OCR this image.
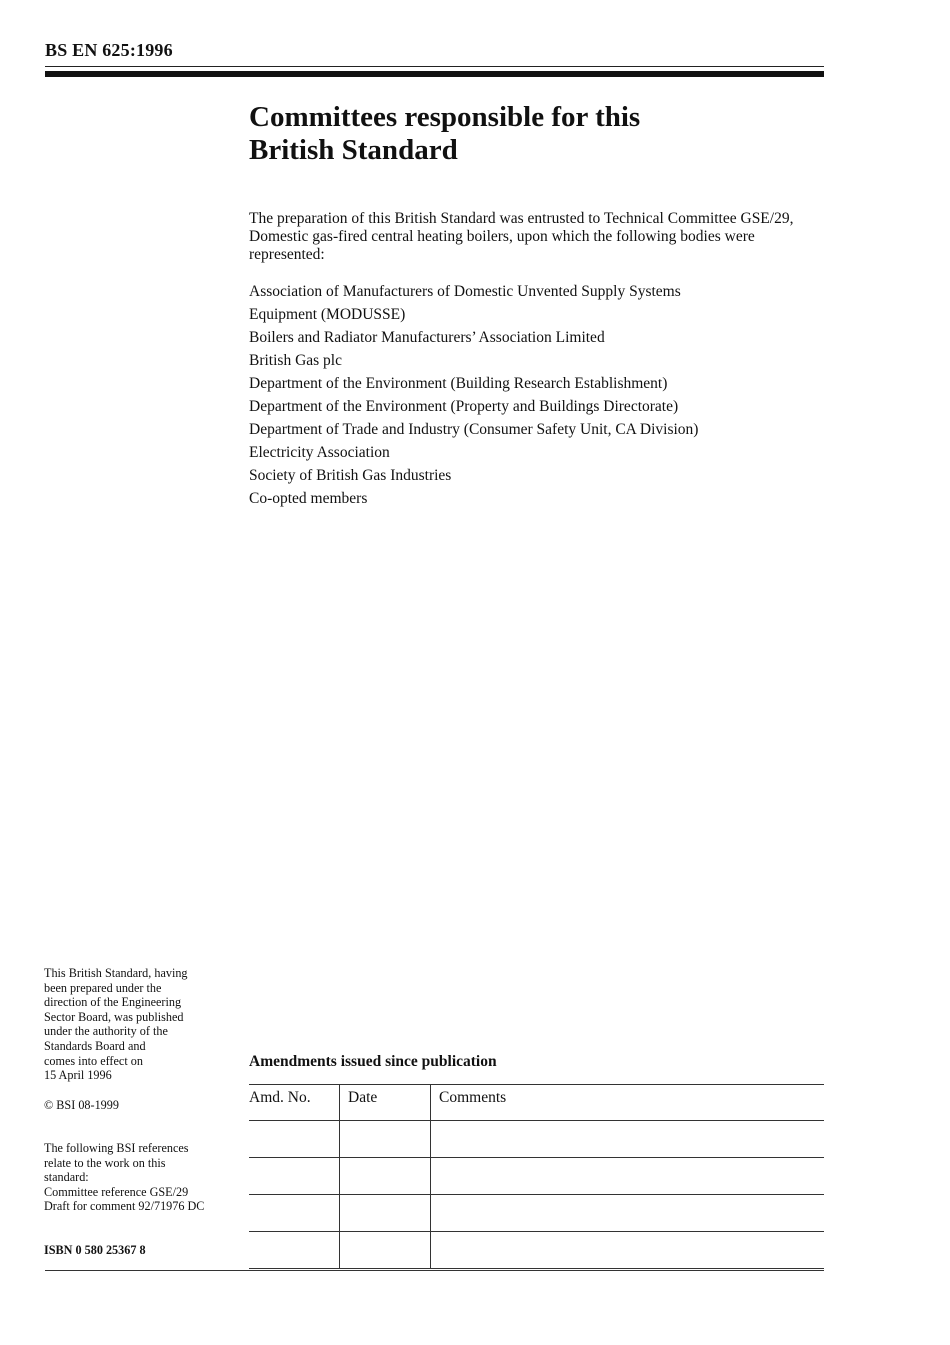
BS EN 625:1996
Committees responsible for this
British Standard
The preparation of this British Standard was entrusted to Technical Committee GSE/29, Domestic gas-fired central heating boilers, upon which the following bodies were represented:
Association of Manufacturers of Domestic Unvented Supply Systems
Equipment (MODUSSE)
Boilers and Radiator Manufacturers’ Association Limited
British Gas plc
Department of the Environment (Building Research Establishment)
Department of the Environment (Property and Buildings Directorate)
Department of Trade and Industry (Consumer Safety Unit, CA Division)
Electricity Association
Society of British Gas Industries
Co-opted members
This British Standard, having
been prepared under the
direction of the Engineering
Sector Board, was published
under the authority of the
Standards Board and
comes into effect on
15 April 1996
© BSI 08-1999
The following BSI references
relate to the work on this
standard:
Committee reference GSE/29
Draft for comment 92/71976 DC
ISBN 0 580 25367 8
Amendments issued since publication
Amd. No.	Date	Comments
